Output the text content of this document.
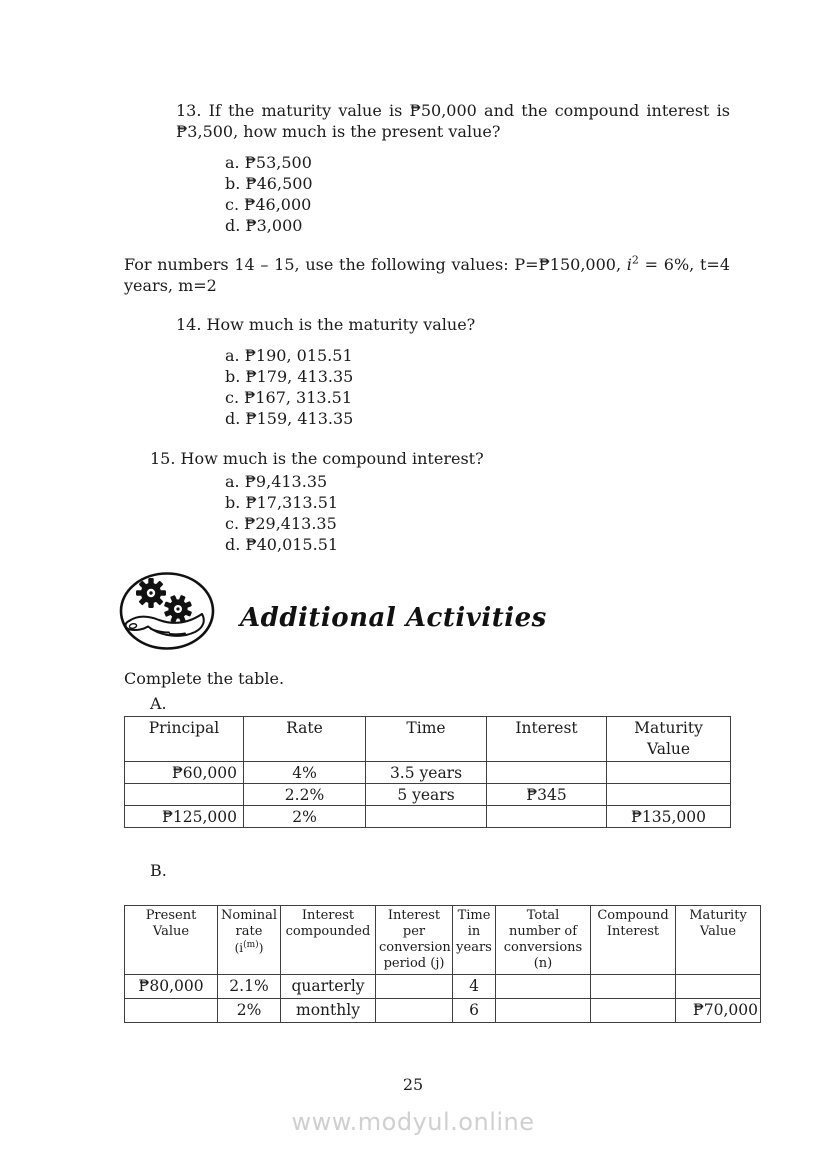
13. If the maturity value is ₱50,000 and the compound interest is ₱3,500, how much is the present value?
a. ₱53,500
b. ₱46,500
c. ₱46,000
d. ₱3,000
For numbers 14 – 15, use the following values: P=₱150,000, $i^2 = 6\%$, t=4 years, m=2
14. How much is the maturity value?
a. ₱190, 015.51
b. ₱179, 413.35
c. ₱167, 313.51
d. ₱159, 413.35
15. How much is the compound interest?
a. ₱9,413.35
b. ₱17,313.51
c. ₱29,413.35
d. ₱40,015.51
Additional Activities
Complete the table.
A.
Principal	Rate	Time	Interest	Maturity Value

₱60,000	4%	3.5 years		
	2.2%	5 years	₱345	
₱125,000	2%			₱135,000
B.
Present Value	Nominal rate
$(i^{(m)})$	Interest compounded	Interest per conversion period (j)	Time in years	Total number of conversions (n)	Compound Interest	Maturity Value
₱80,000	2.1%	quarterly		4			
	2%	monthly		6			₱70,000
25
www.modyul.online
